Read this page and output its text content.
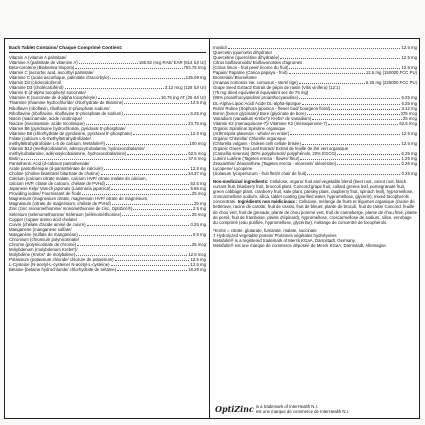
Each Tablet Contains/ Chaque Comprimé Contient:
Vitamin A (vitamin A palmitate/
Vitamine A (palmitate de vitamine A)	185.82 mcg RAE/ EAR (614 IU/ UI)
Beta-carotene (Blakeslea trispora)	753.75 mcg
Vitamin C (ascorbic acid, ascorbyl palmitate/
Vitamine C (acide ascorbique, palmitate d'ascorbyle)	135.09 mg
Vitamin D3 (cholecalciferol/
Vitamine D3 (cholécalciférol)	3.12 mcg (125 IU/ UI)
Vitamin E (d-alpha tocopheryl succinate/
Vitamine E (succinate de d-alpha tocophéryle)	16.75 mg AT (25 IU/ UI)
Thiamine (thiamine hydrochloride/ chlorhydrate de thiamine)	12.5 mg
Riboflavin (riboflavin, riboflavin 5'-phosphate sodium/
Riboflavine (riboflavine, riboflavine 5'-phosphate de sodium)	6.25 mg
Niacin (niacinamide, acide nicotinique/
Niacine (niacinamide, acide nicotinique)	23.75 mg
Vitamin B6 (pyridoxine hydrochloride, pyridoxal 5'-phosphate/
Vitamine B6 (chlorhydrate de pyridoxine, pyridoxal 5'-phosphate)	12.5 mg
Folate (calcium L-5-methyltetrahydrofolate/
méthyltétrahydrofolate L-5 de calcium, Metafolin®)	100 mcg
Vitamin B12 (methylcobalamin, adenosylcobalamin, hydroxocobalamin/
méthylcobalamine, adénosylcobalamine, hydroxocobalamine)	62.5 mcg
Biotin	37.5 mcg
Pantothenic Acid (d-calcium pantothenate/
Acide pantothénique (d-pantothénate de calcium)	12.5 mg
Choline (choline bitartrate/ bitartrate de choline)	34.37 mg
Calcium (calcium citrate malate, calcium HVP/ citrate malate de calcium,
calcium HVP, citrate de calcium, chélate de PVHd)	52.5 mg
Japanese Kelp/ Varech japonais (Laminaria japonica)	6.66 mg
Providing iodine/ Fournissant de l'iode	25 mcg
Magnesium (magnesium citrate, magnesium HVP/ citrate de magnésium,
Magnésium (citrate de magnésium, chélate de PVHd)	25 mg
Zinc (zinc monomethionine/ monométhionine de zinc, OptiZinc®)	2.5 mg
Selenium (selenomethionine/ Sélénium (sélénométhionine)	25 mcg
Copper (copper amino acid chelate/
Cuivre (chélate d'acide aminé de cuivre)	0.25 mg
Manganese (manganese sulfate/
Manganèse (sulfate de manganèse)	0.5 mg
Chromium (chromium polynicotinate/
Chrome (polynicotinate de chrome)	25 mcg
Molybdenum (molybdenum Krebs*)/
Molybdène (Krebs* de molybdène)	12.5 mcg
Potassium (potassium chloride/ chlorure de potassium)	12.5 mg
L-Cysteine (N-acetyl-L-cysteine/ N-acétyl-L-cystéine)	12.5 mg
Betaine (betaine hydrochloride/ chlorhydrate de bétaïne)	18.29 mg
Inositol	12.5 mg
Quercetin (quercetin dihydrate/
Quercétine (quercétine dihydratée)	12.5 mg
Citrus bioflavonoids/ Bioflavonoïdes d'agrumes
(Citrus limon - fruit peel/ écorce du fruit)	12.5 mg
Papain/ Papaïne (Carica papaya - fruit)	12.5 mg (150000 FCC PU)
Bromelain/ Bromélaïne
(Ananas comosus var. comosus - stem/ tige)	6.25 mg (225000 FCC PU)
Grape Seed Extract/ Extrait de pépin de raisin (Vitis vinifera) (12:1)
(75 mg dried equivalent/ équivalent sec de 75 mg)
(95% proanthocyanidins/ proanthocyanidine)	6.25 mg
DL-Alpha-Lipoic Acid/ Acide DL-alpha-lipoïque	6.25 mg
Rutin/ Rutine (Sophora japonica - flower bud/ bourgeon floral)	3.12 mg
Boron (boron glycinate)/ Bore (glycinate de bore)	375 mcg
Vanadium (vanadium Krebs*)/ Krebs* de vanadium)	25 mcg
Vitamin K2 (menaquinone-7)/ Vitamine K2 (ménaquinone-7)	62.5 mcg
Organic Spirulina/ Spiruline organique
(Arthrospira platensis - whole/ en entier)	12.5 mg
Organic Chlorella/ Chlorelle organique
(Chlorella vulgaris - broken cell/ cellule brisée)	12.5 mg
Organic Green Tea Leaf Extract/ Extrait de feuille de thé vert organique
(Camellia sinensis) (50% polyphenols/ polyphénols, 20% EGCG)	6.25 mg
Lutein/ Lutéine (Tagetes erecta - flower/ fleur)	1.25 mg
Zeaxanthin/ Zéaxanthine (Tagetes erecta - oleoresin/ oléorésine)	0.25 mg
Lycopene/ Lycopène
(Solanum lycopersicum - fruit flesh/ chair de fruit)	0.25 mg
Non-medicinal ingredients: Cellulose, organic fruit and vegetable blend (beet root, carrot root, black currant fruit, blueberry fruit, broccoli plant, Concord grape fruit, collard greens leaf, pomegranate fruit, green cabbage plant, cranberry fruit, kale plant, parsley plant, raspberry fruit, spinach leaf), hypromellose, croscarmellose sodium, silica, tablet coating (purified water, hypromellose, glycerin), mixed tocopherols concentrate. Ingrédients non médicinaux : Cellulose, mélange de fruits et légumes organique (racine de betterave, racine de carotte, fruit de cassis, fruit de bleuet, plante de brocoli, fruit de raisin Concord, feuille de chou vert, fruit de grenade, plante de chou pommé vert, fruit de canneberge, plante de chou frisé, plante de persil, fruit de framboise, plante d'épinard), hypromellose, croscarmellose de sodium, silice, enrobage du comprimé (eau purifiée, hypromellose, glycérine), mélange de concentré de tocophérols.
*Krebs = citrate, glutarate, fumarate, malate, succinate
‡ Hydrolyzed vegetable protein/ Protéines végétales hydrolysées
Metafolin® is a registered trademark of Merck KGaA, Darmstadt, Germany.
Metafolin® est une marque de commerce déposée de Merck KGaA, Darmstadt, Allemagne.
OptiZinc is a trademark of InterHealth N.I.
est une marque de commerce de InterHealth N.I.
